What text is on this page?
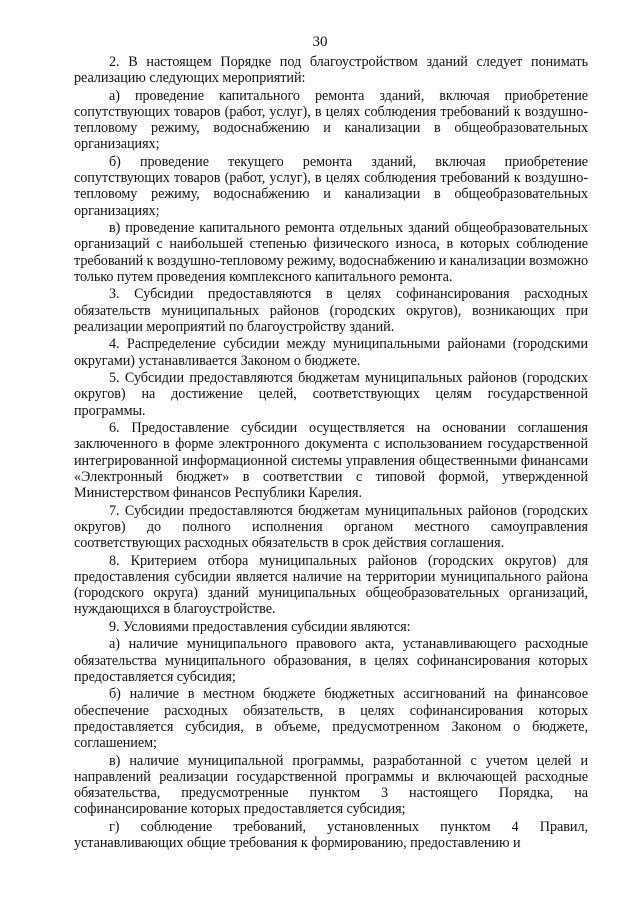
30

2. В настоящем Порядке под благоустройством зданий следует понимать реализацию следующих мероприятий:

а) проведение капитального ремонта зданий, включая приобретение сопутствующих товаров (работ, услуг), в целях соблюдения требований к воздушно-тепловому режиму, водоснабжению и канализации в общеобразовательных организациях;

б) проведение текущего ремонта зданий, включая приобретение сопутствующих товаров (работ, услуг), в целях соблюдения требований к воздушно-тепловому режиму, водоснабжению и канализации в общеобразовательных организациях;

в) проведение капитального ремонта отдельных зданий общеобразовательных организаций с наибольшей степенью физического износа, в которых соблюдение требований к воздушно-тепловому режиму, водоснабжению и канализации возможно только путем проведения комплексного капитального ремонта.

3. Субсидии предоставляются в целях софинансирования расходных обязательств муниципальных районов (городских округов), возникающих при реализации мероприятий по благоустройству зданий.

4. Распределение субсидии между муниципальными районами (городскими округами) устанавливается Законом о бюджете.

5. Субсидии предоставляются бюджетам муниципальных районов (городских округов) на достижение целей, соответствующих целям государственной программы.

6. Предоставление субсидии осуществляется на основании соглашения заключенного в форме электронного документа с использованием государственной интегрированной информационной системы управления общественными финансами «Электронный бюджет» в соответствии с типовой формой, утвержденной Министерством финансов Республики Карелия.

7. Субсидии предоставляются бюджетам муниципальных районов (городских округов) до полного исполнения органом местного самоуправления соответствующих расходных обязательств в срок действия соглашения.

8. Критерием отбора муниципальных районов (городских округов) для предоставления субсидии является наличие на территории муниципального района (городского округа) зданий муниципальных общеобразовательных организаций, нуждающихся в благоустройстве.

9. Условиями предоставления субсидии являются:

а) наличие муниципального правового акта, устанавливающего расходные обязательства муниципального образования, в целях софинансирования которых предоставляется субсидия;

б) наличие в местном бюджете бюджетных ассигнований на финансовое обеспечение расходных обязательств, в целях софинансирования которых предоставляется субсидия, в объеме, предусмотренном Законом о бюджете, соглашением;

в) наличие муниципальной программы, разработанной с учетом целей и направлений реализации государственной программы и включающей расходные обязательства, предусмотренные пунктом 3 настоящего Порядка, на софинансирование которых предоставляется субсидия;

г) соблюдение требований, установленных пунктом 4 Правил, устанавливающих общие требования к формированию, предоставлению и
